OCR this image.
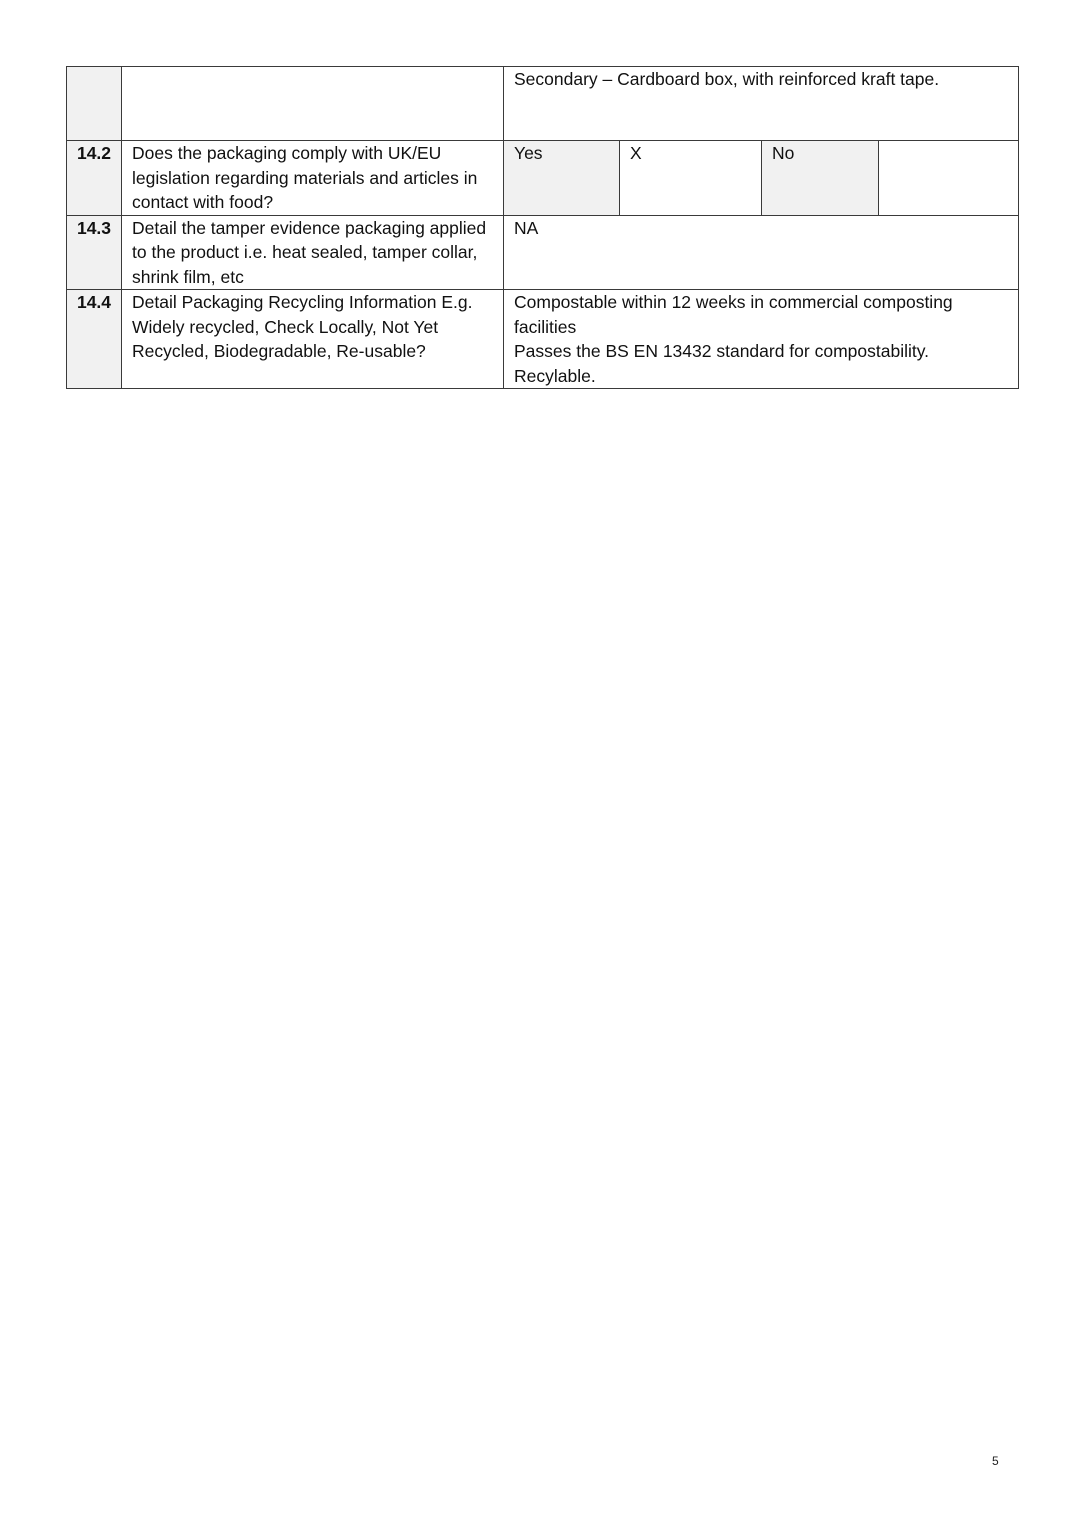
		Secondary – Cardboard box, with reinforced kraft tape.			
14.2	Does the packaging comply with UK/EU legislation regarding materials and articles in contact with food?	Yes	X	No	
14.3	Detail the tamper evidence packaging applied to the product i.e. heat sealed, tamper collar, shrink film, etc	NA			
14.4	Detail Packaging Recycling Information E.g. Widely recycled, Check Locally, Not Yet Recycled, Biodegradable, Re-usable?	Compostable within 12 weeks in commercial composting facilities
Passes the BS EN 13432 standard for compostability.
Recylable.			
5
